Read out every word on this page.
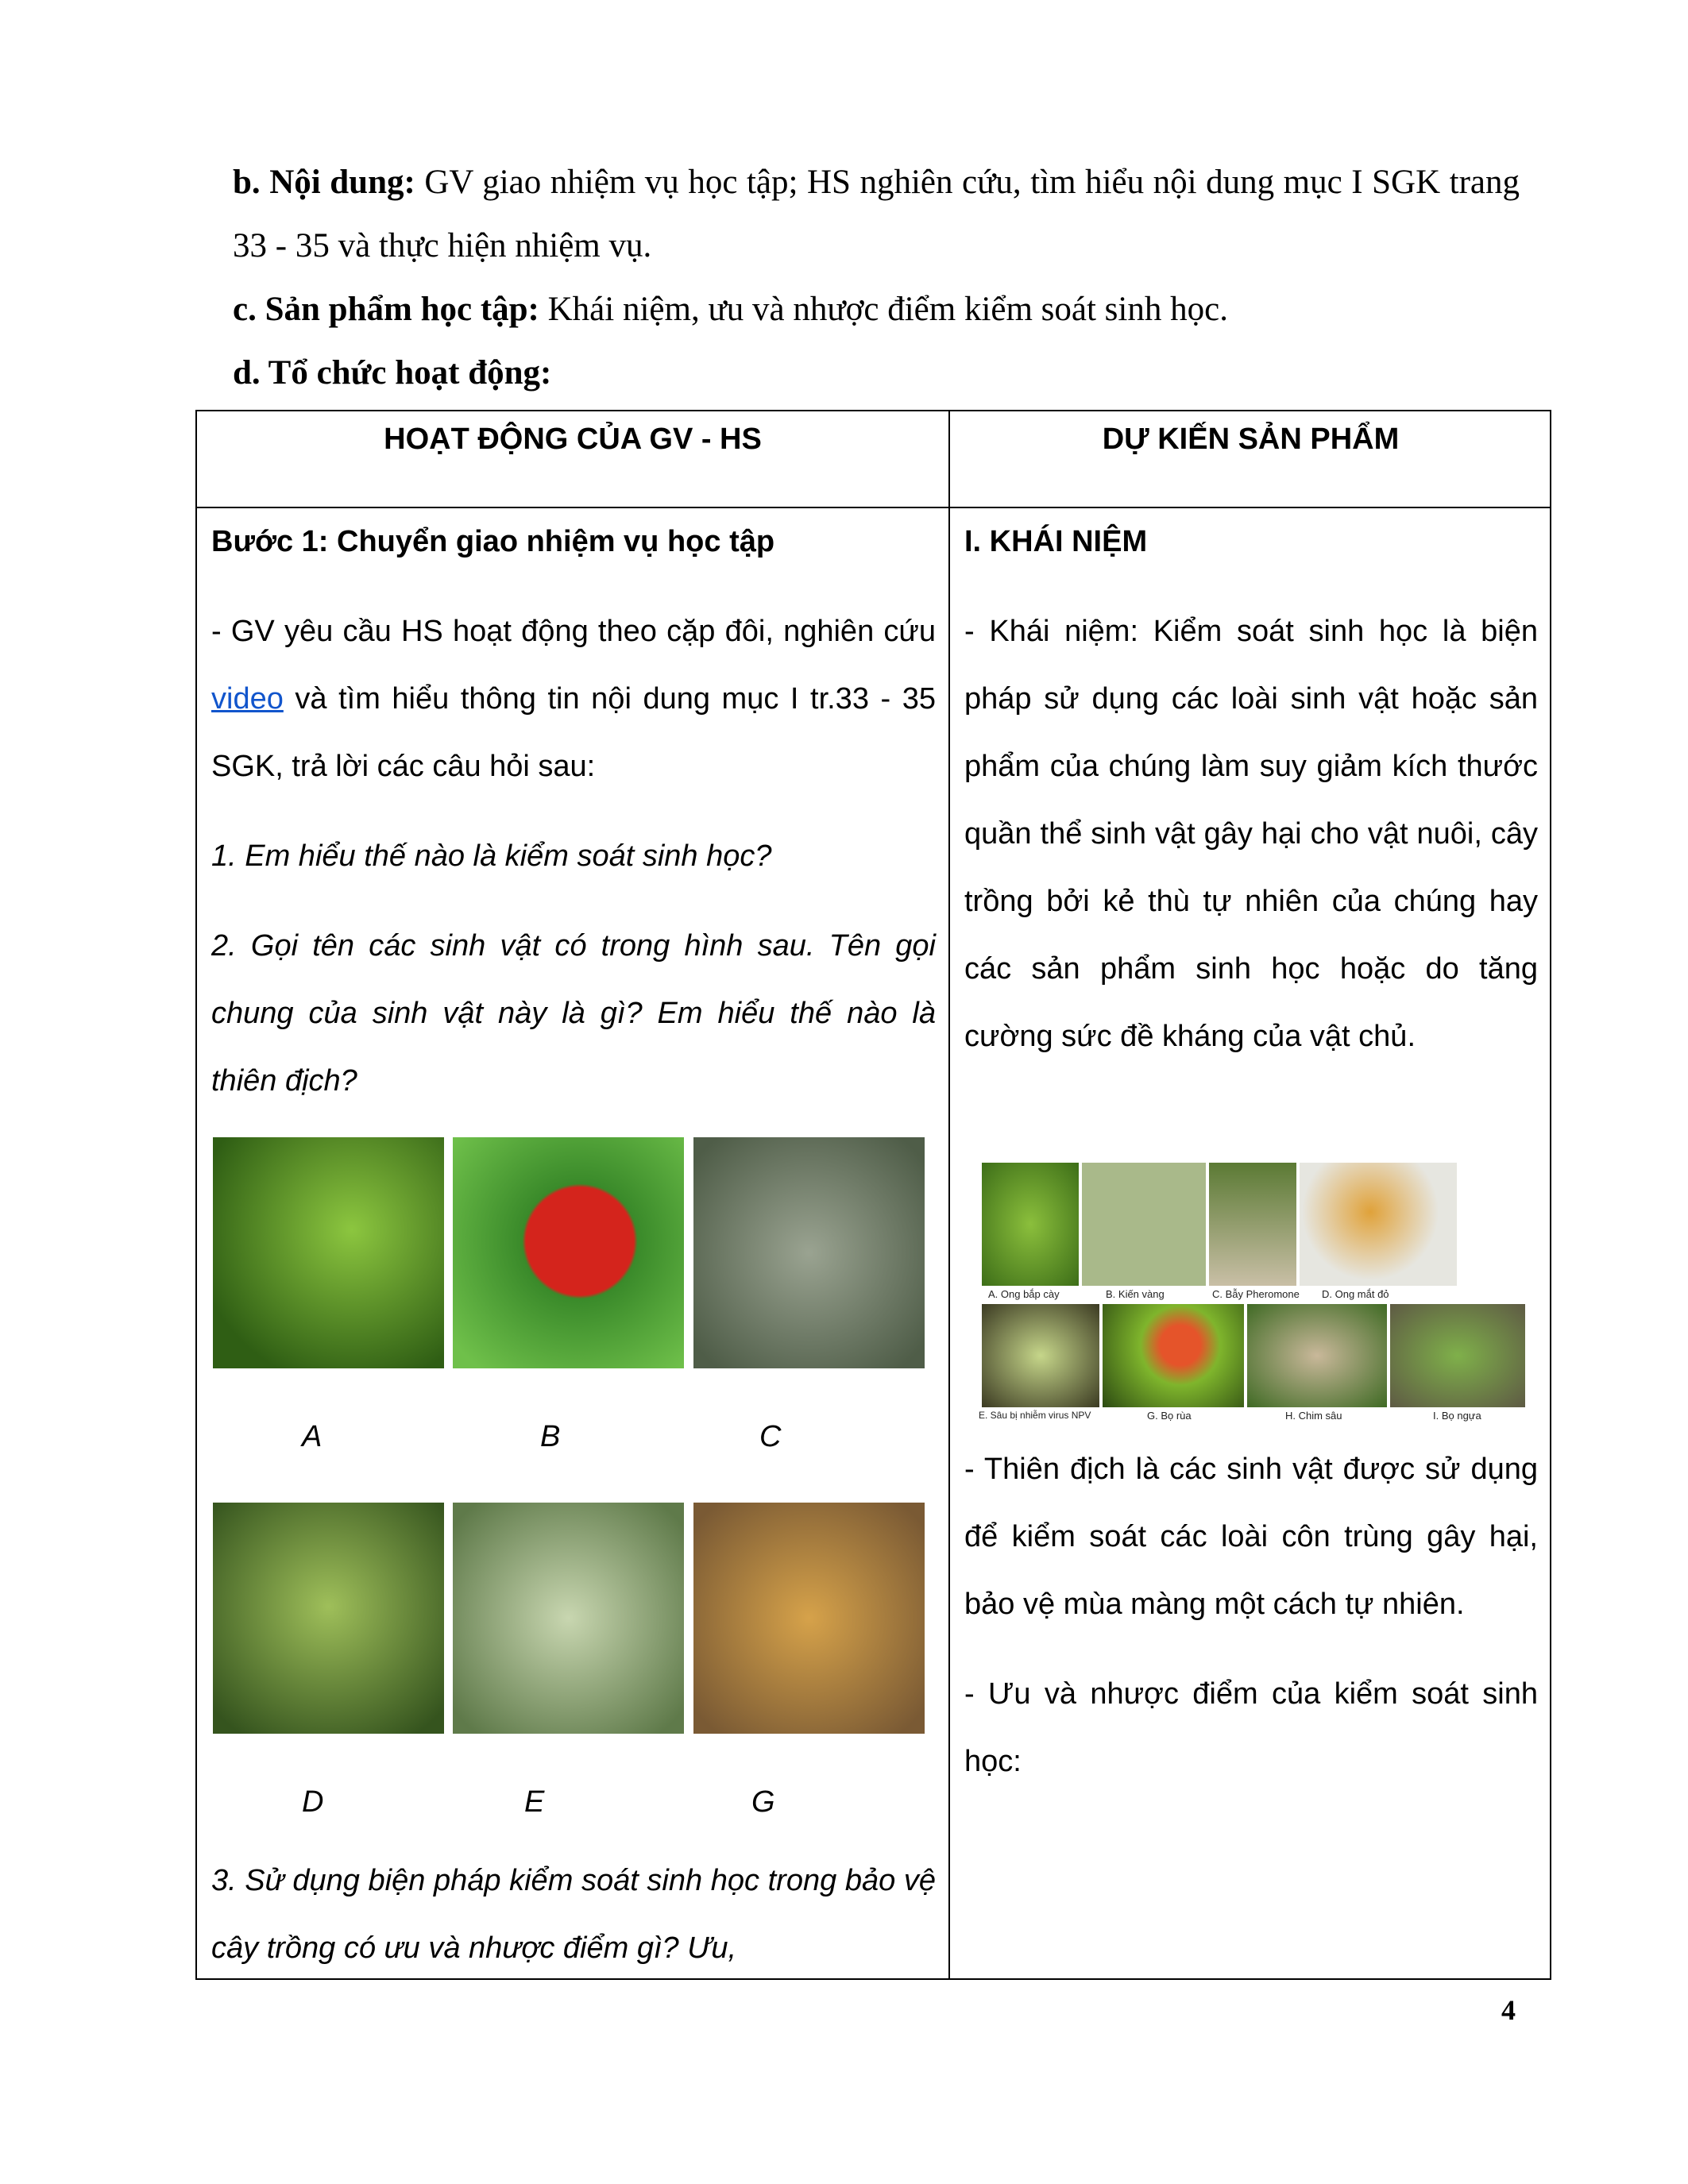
b. Nội dung: GV giao nhiệm vụ học tập; HS nghiên cứu, tìm hiểu nội dung mục I SGK trang 33 - 35 và thực hiện nhiệm vụ.
c. Sản phẩm học tập: Khái niệm, ưu và nhược điểm kiểm soát sinh học.
d. Tổ chức hoạt động:
HOẠT ĐỘNG CỦA GV - HS	DỰ KIẾN SẢN PHẨM

Bước 1: Chuyển giao nhiệm vụ học tập

- GV yêu cầu HS hoạt động theo cặp đôi, nghiên cứu video và tìm hiểu thông tin nội dung mục I tr.33 - 35 SGK, trả lời các câu hỏi sau:

1. Em hiểu thế nào là kiểm soát sinh học?

2. Gọi tên các sinh vật có trong hình sau. Tên gọi chung của sinh vật này là gì? Em hiểu thế nào là thiên địch?

A	B	C
D	E	G
3. Sử dụng biện pháp kiểm soát sinh học trong bảo vệ cây trồng có ưu và nhược điểm gì? Ưu,

I. KHÁI NIỆM

- Khái niệm: Kiểm soát sinh học là biện pháp sử dụng các loài sinh vật hoặc sản phẩm của chúng làm suy giảm kích thước quần thể sinh vật gây hại cho vật nuôi, cây trồng bởi kẻ thù tự nhiên của chúng hay các sản phẩm sinh học hoặc do tăng cường sức đề kháng của vật chủ.

A. Ong bắp cày	B. Kiến vàng	C. Bẫy Pheromone D. Ong mắt đỏ
E. Sâu bị nhiễm virus NPV	G. Bọ rùa	H. Chim sâu	I. Bọ ngựa

- Thiên địch là các sinh vật được sử dụng để kiểm soát các loài côn trùng gây hại, bảo vệ mùa màng một cách tự nhiên.

- Ưu và nhược điểm của kiểm soát sinh học:

4
